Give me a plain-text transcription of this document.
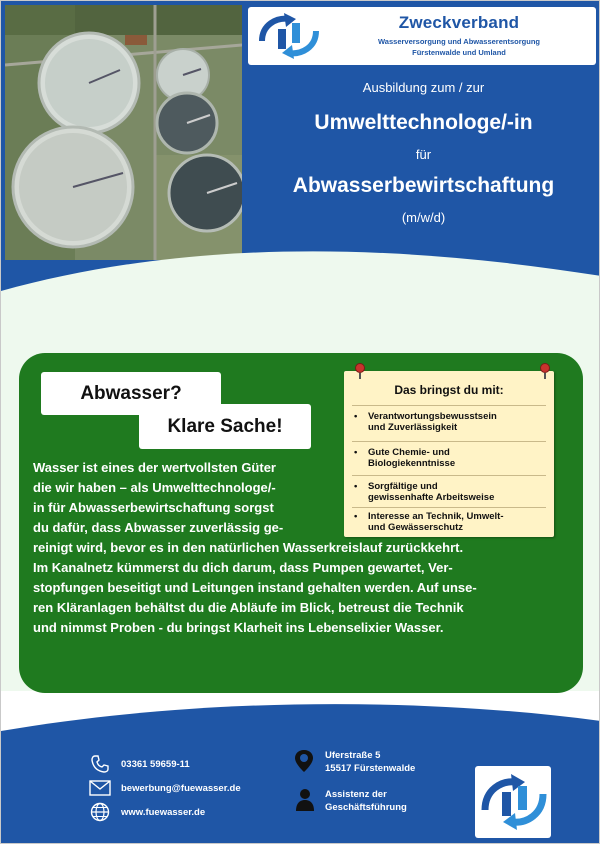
Zweckverband
Wasserversorgung und Abwasserentsorgung
Fürstenwalde und Umland
Ausbildung zum / zur
Umwelttechnologe/-in
für
Abwasserbewirtschaftung
(m/w/d)
Abwasser?
Klare Sache!
Das bringst du mit:
•	Verantwortungsbewusstsein
und Zuverlässigkeit
•	Gute Chemie- und
Biologiekenntnisse
•	Sorgfältige und
gewissenhafte Arbeitsweise
•	Interesse an Technik, Umwelt-
und Gewässerschutz
Wasser ist eines der wertvollsten Güter
die wir haben – als Umwelttechnologe/-
in für Abwasserbewirtschaftung sorgst
du dafür, dass Abwasser zuverlässig ge-
reinigt wird, bevor es in den natürlichen Wasserkreislauf zurückkehrt.
Im Kanalnetz kümmerst du dich darum, dass Pumpen gewartet, Ver-
stopfungen beseitigt und Leitungen instand gehalten werden. Auf unse-
ren Kläranlagen behältst du die Abläufe im Blick, betreust die Technik
und nimmst Proben - du bringst Klarheit ins Lebenselixier Wasser.
03361 59659-11
bewerbung@fuewasser.de
www.fuewasser.de
Uferstraße 5
15517 Fürstenwalde
Assistenz der
Geschäftsführung
